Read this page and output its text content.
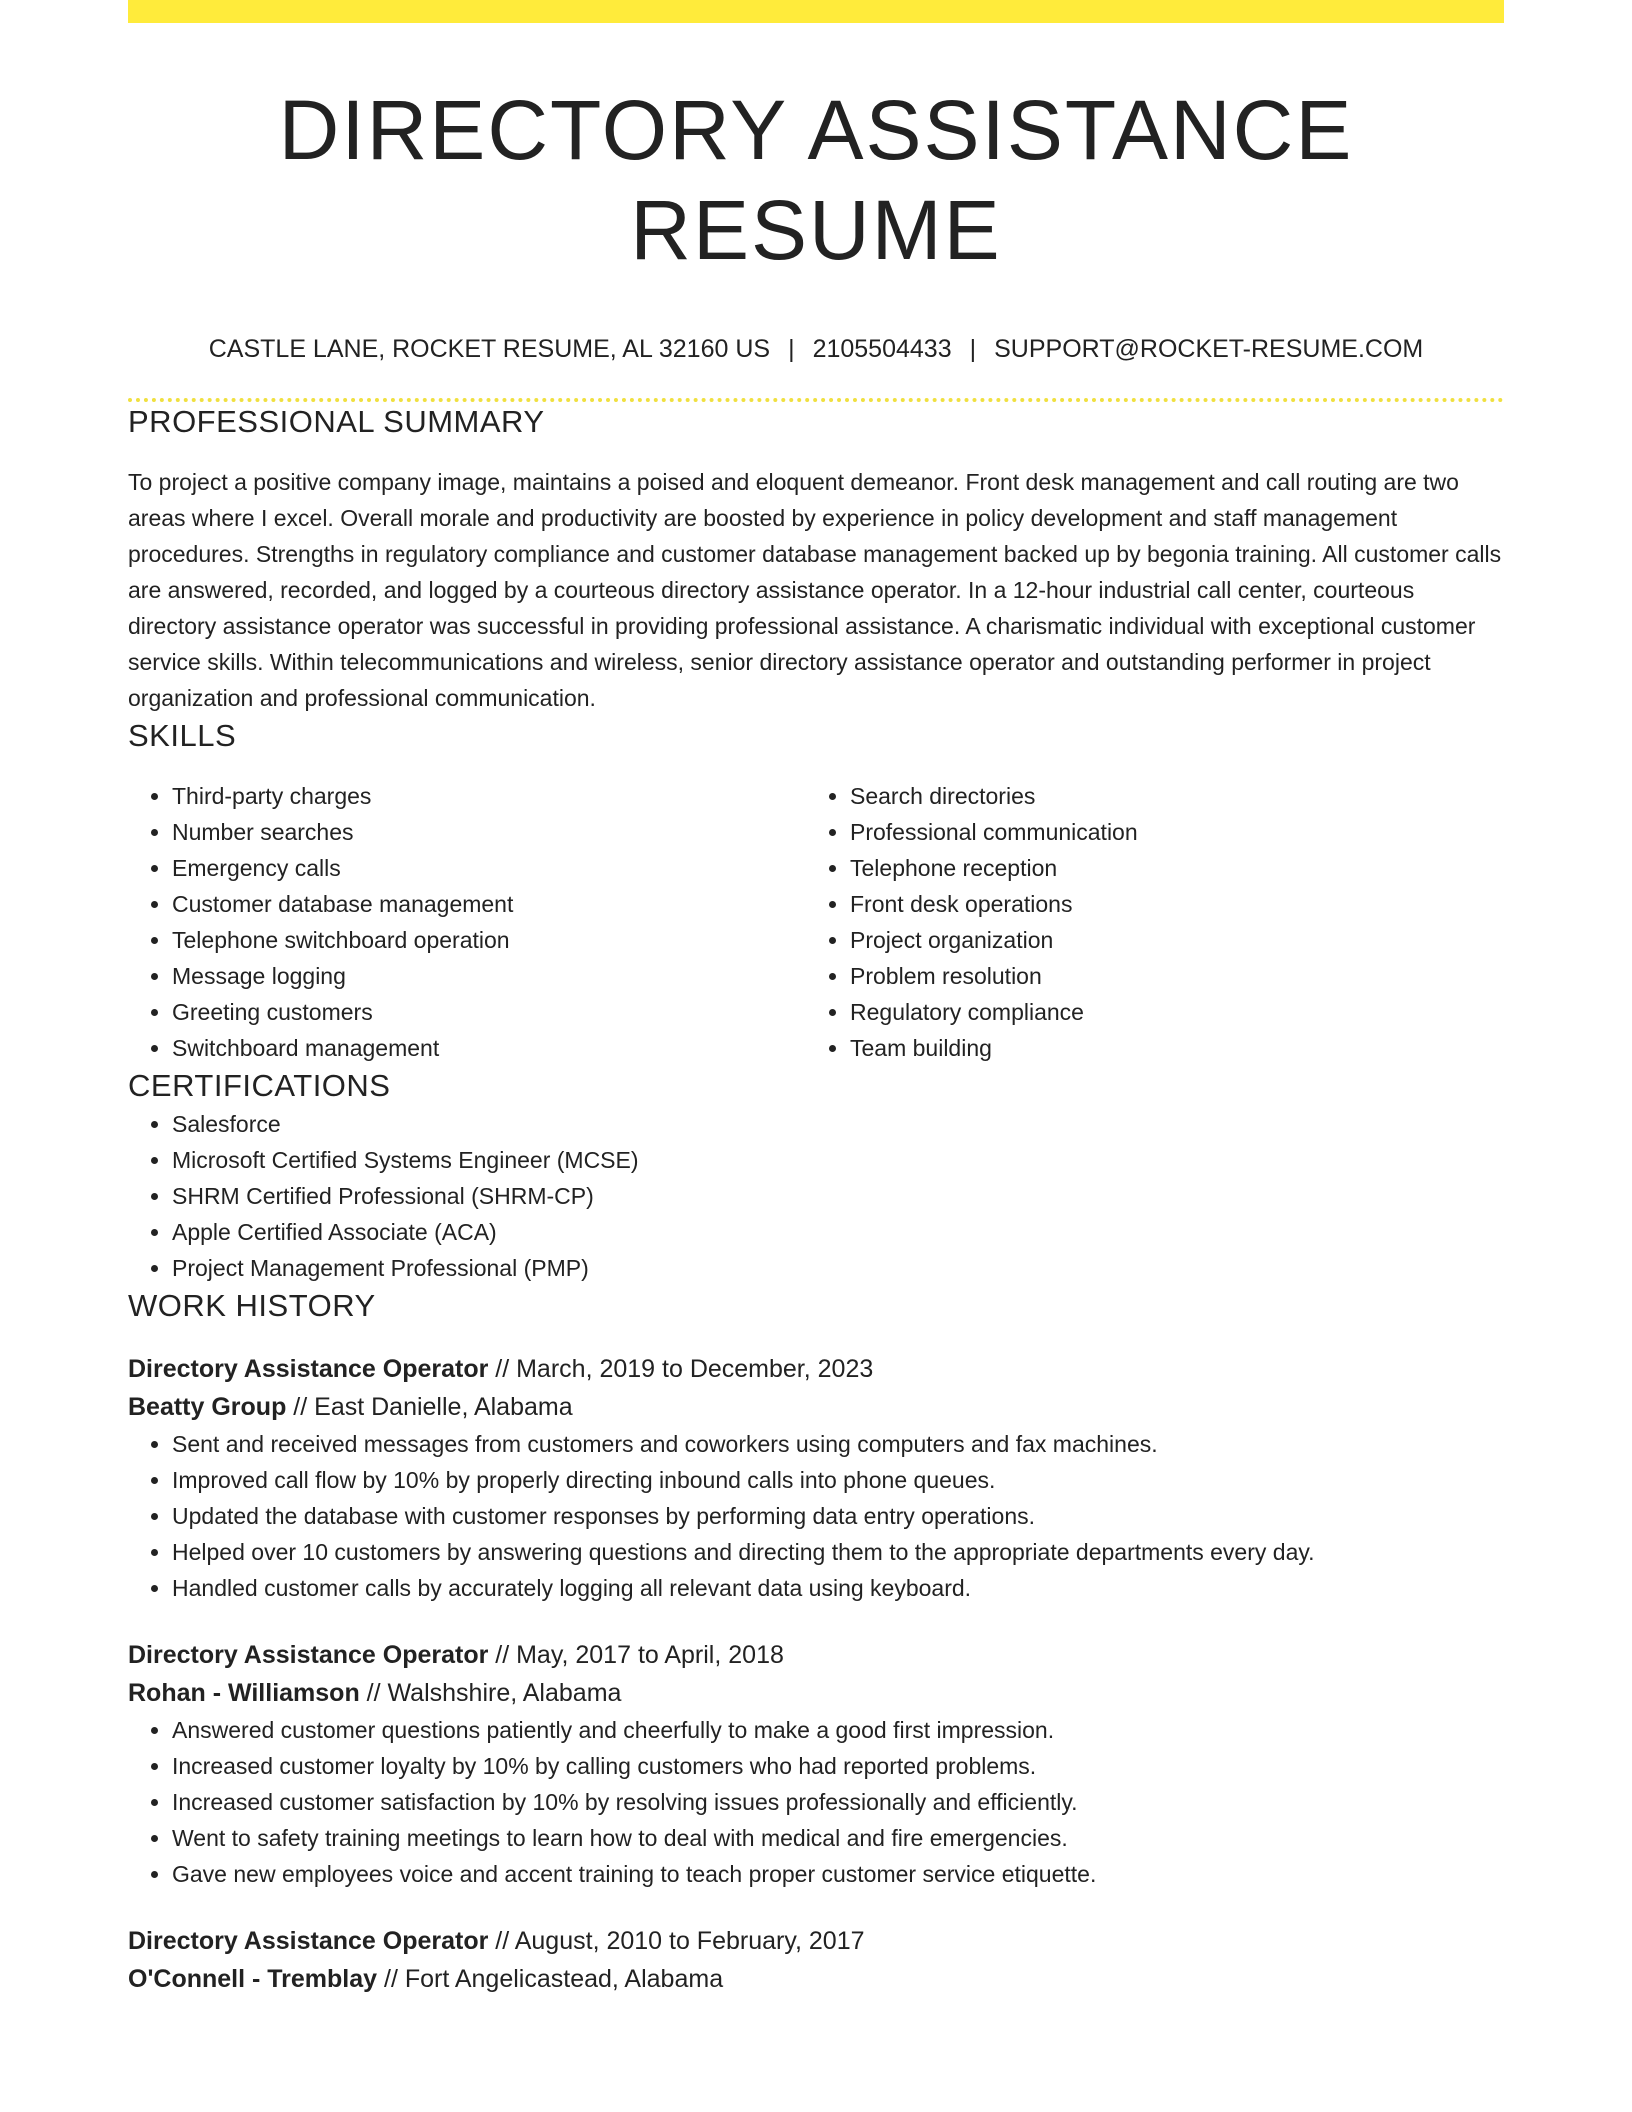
DIRECTORY ASSISTANCE RESUME
CASTLE LANE, ROCKET RESUME, AL 32160 US | 2105504433 | SUPPORT@ROCKET-RESUME.COM
PROFESSIONAL SUMMARY

To project a positive company image, maintains a poised and eloquent demeanor. Front desk management and call routing are two areas where I excel. Overall morale and productivity are boosted by experience in policy development and staff management procedures. Strengths in regulatory compliance and customer database management backed up by begonia training. All customer calls are answered, recorded, and logged by a courteous directory assistance operator. In a 12-hour industrial call center, courteous directory assistance operator was successful in providing professional assistance. A charismatic individual with exceptional customer service skills. Within telecommunications and wireless, senior directory assistance operator and outstanding performer in project organization and professional communication.

SKILLS
• Third-party charges
• Number searches
• Emergency calls
• Customer database management
• Telephone switchboard operation
• Message logging
• Greeting customers
• Switchboard management
• Search directories
• Professional communication
• Telephone reception
• Front desk operations
• Project organization
• Problem resolution
• Regulatory compliance
• Team building
CERTIFICATIONS
• Salesforce
• Microsoft Certified Systems Engineer (MCSE)
• SHRM Certified Professional (SHRM-CP)
• Apple Certified Associate (ACA)
• Project Management Professional (PMP)
WORK HISTORY
Directory Assistance Operator // March, 2019 to December, 2023
Beatty Group // East Danielle, Alabama
• Sent and received messages from customers and coworkers using computers and fax machines.
• Improved call flow by 10% by properly directing inbound calls into phone queues.
• Updated the database with customer responses by performing data entry operations.
• Helped over 10 customers by answering questions and directing them to the appropriate departments every day.
• Handled customer calls by accurately logging all relevant data using keyboard.
Directory Assistance Operator // May, 2017 to April, 2018
Rohan - Williamson // Walshshire, Alabama
• Answered customer questions patiently and cheerfully to make a good first impression.
• Increased customer loyalty by 10% by calling customers who had reported problems.
• Increased customer satisfaction by 10% by resolving issues professionally and efficiently.
• Went to safety training meetings to learn how to deal with medical and fire emergencies.
• Gave new employees voice and accent training to teach proper customer service etiquette.
Directory Assistance Operator // August, 2010 to February, 2017
O'Connell - Tremblay // Fort Angelicastead, Alabama
